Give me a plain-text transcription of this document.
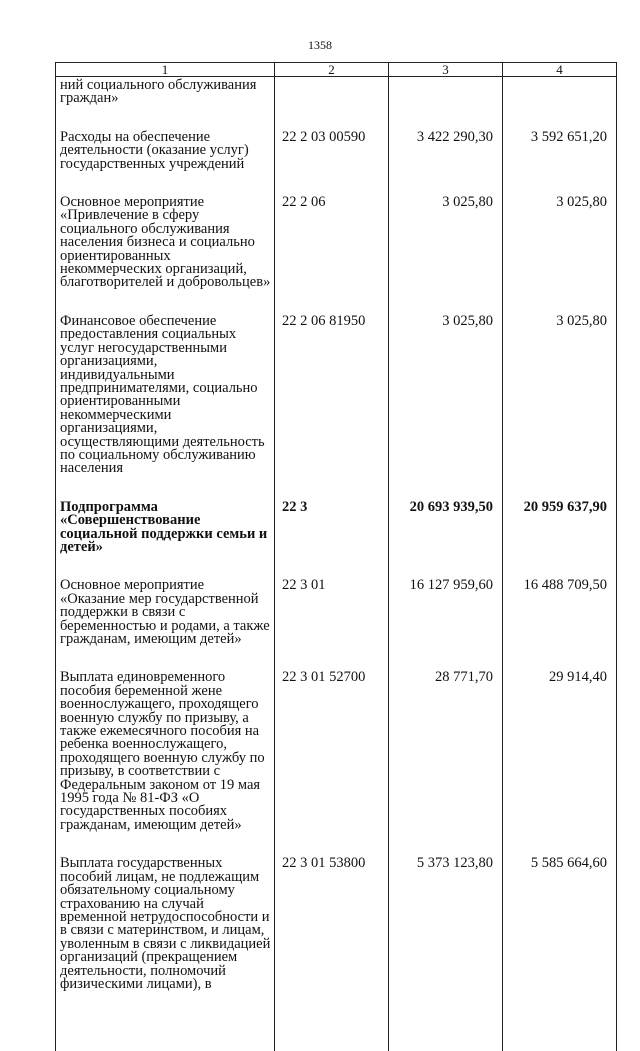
1358
1	2	3	4
ний социального обслуживания граждан»			
Расходы на обеспечение деятельности (оказание услуг) государственных учреждений	22 2 03 00590	3 422 290,30	3 592 651,20
Основное мероприятие «Привлечение в сферу социального обслуживания населения бизнеса и социально ориентированных некоммерческих организаций, благотворителей и добровольцев»	22 2 06	3 025,80	3 025,80
Финансовое обеспечение предоставления социальных услуг негосударственными организациями, индивидуальными предпринимателями, социально ориентированными некоммерческими организациями, осуществляющими деятельность по социальному обслуживанию населения	22 2 06 81950	3 025,80	3 025,80
Подпрограмма «Совершенствование социальной поддержки семьи и детей»	22 3	20 693 939,50	20 959 637,90
Основное мероприятие «Оказание мер государственной поддержки в связи с беременностью и родами, а также гражданам, имеющим детей»	22 3 01	16 127 959,60	16 488 709,50
Выплата единовременного пособия беременной жене военнослужащего, проходящего военную службу по призыву, а также ежемесячного пособия на ребенка военнослужащего, проходящего военную службу по призыву, в соответствии с Федеральным законом от 19 мая 1995 года № 81-ФЗ «О государственных пособиях гражданам, имеющим детей»	22 3 01 52700	28 771,70	29 914,40
Выплата государственных пособий лицам, не подлежащим обязательному социальному страхованию на случай временной нетрудоспособности и в связи с материнством, и лицам, уволенным в связи с ликвидацией организаций (прекращением деятельности, полномочий физическими лицами), в	22 3 01 53800	5 373 123,80	5 585 664,60
